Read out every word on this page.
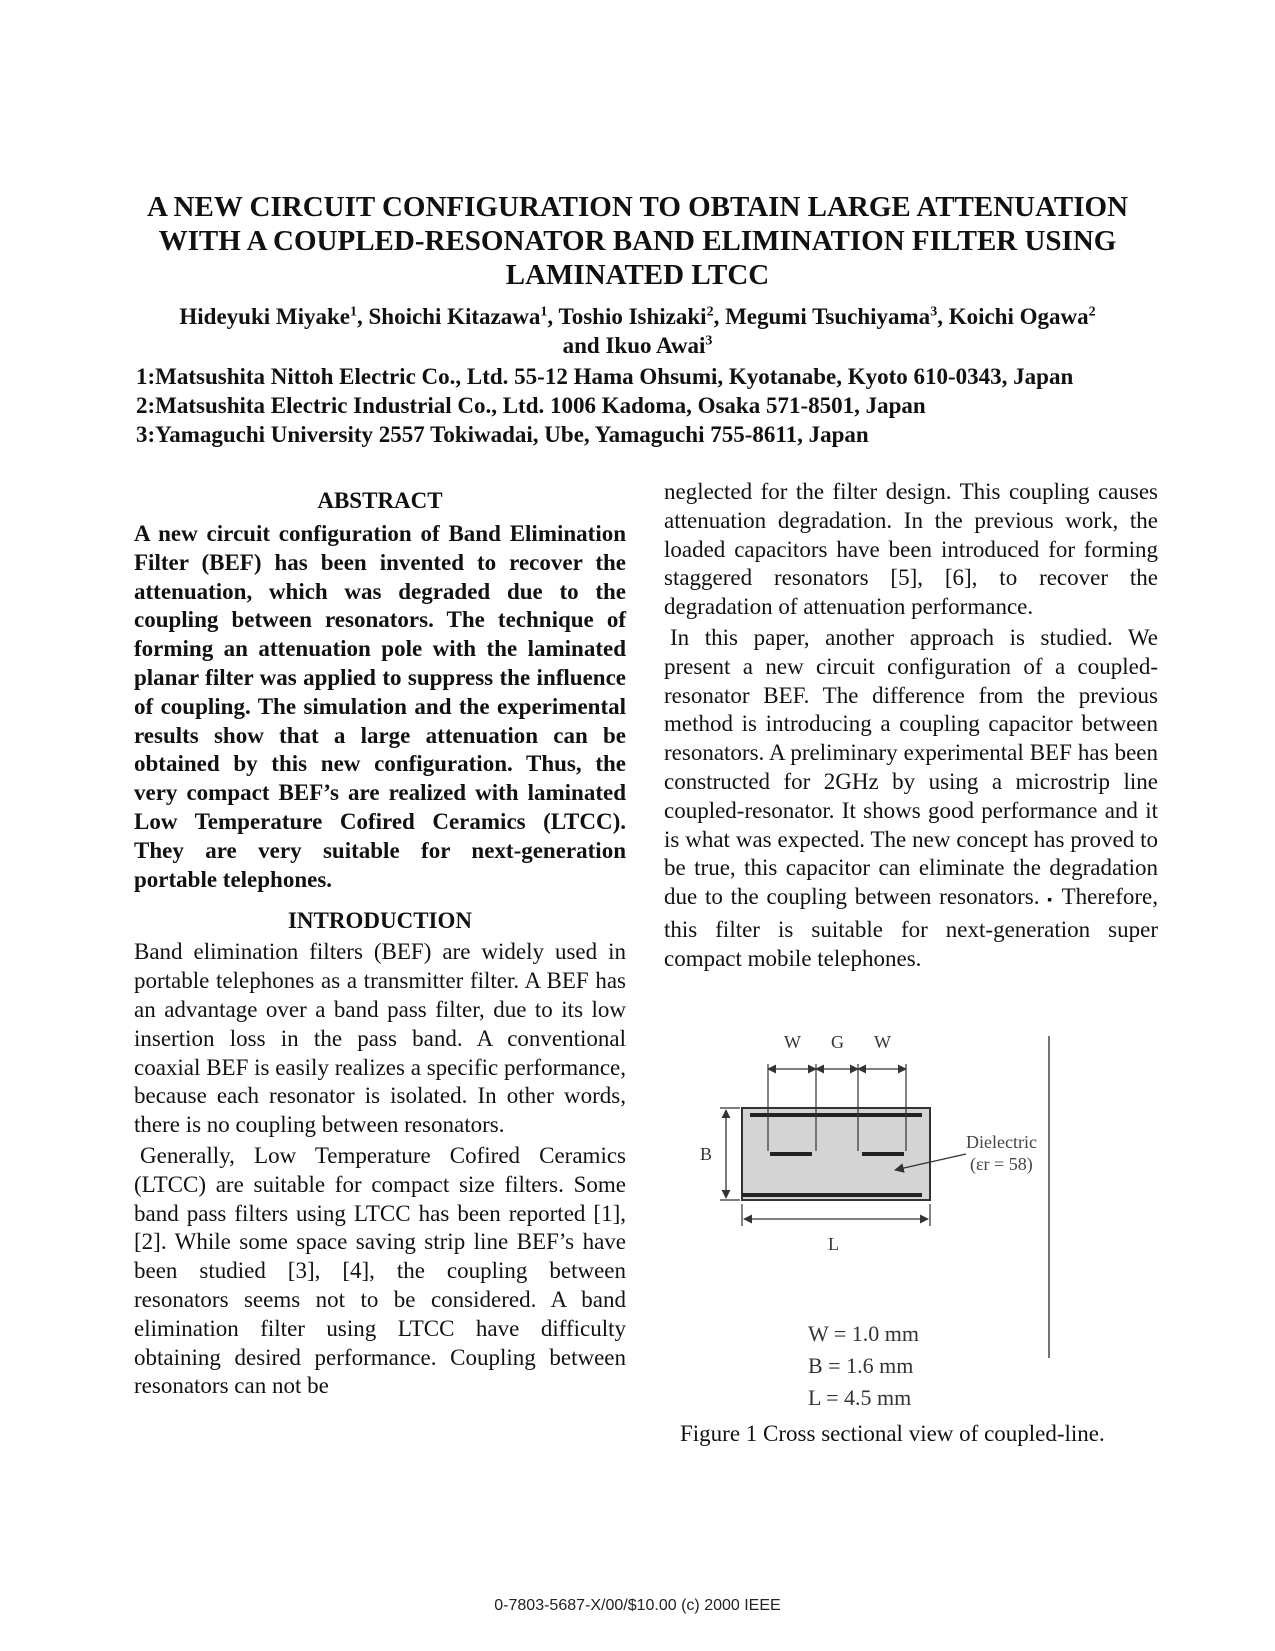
A NEW CIRCUIT CONFIGURATION TO OBTAIN LARGE ATTENUATION
WITH A COUPLED-RESONATOR BAND ELIMINATION FILTER USING
LAMINATED LTCC
Hideyuki Miyake$^1$, Shoichi Kitazawa$^1$, Toshio Ishizaki$^2$, Megumi Tsuchiyama$^3$, Koichi Ogawa$^2$
and Ikuo Awai$^3$
1:Matsushita Nittoh Electric Co., Ltd. 55-12 Hama Ohsumi, Kyotanabe, Kyoto 610-0343, Japan
2:Matsushita Electric Industrial Co., Ltd. 1006 Kadoma, Osaka 571-8501, Japan
3:Yamaguchi University 2557 Tokiwadai, Ube, Yamaguchi 755-8611, Japan
ABSTRACT

A new circuit configuration of Band Elimination Filter (BEF) has been invented to recover the attenuation, which was degraded due to the coupling between resonators. The technique of forming an attenuation pole with the laminated planar filter was applied to suppress the influence of coupling. The simulation and the experimental results show that a large attenuation can be obtained by this new configuration. Thus, the very compact BEF’s are realized with laminated Low Temperature Cofired Ceramics (LTCC). They are very suitable for next-generation portable telephones.

INTRODUCTION

Band elimination filters (BEF) are widely used in portable telephones as a transmitter filter. A BEF has an advantage over a band pass filter, due to its low insertion loss in the pass band. A conventional coaxial BEF is easily realizes a specific performance, because each resonator is isolated. In other words, there is no coupling between resonators.

Generally, Low Temperature Cofired Ceramics (LTCC) are suitable for compact size filters. Some band pass filters using LTCC has been reported [1], [2]. While some space saving strip line BEF’s have been studied [3], [4], the coupling between resonators seems not to be considered. A band elimination filter using LTCC have difficulty obtaining desired performance. Coupling between resonators can not be

neglected for the filter design. This coupling causes attenuation degradation. In the previous work, the loaded capacitors have been introduced for forming staggered resonators [5], [6], to recover the degradation of attenuation performance.

In this paper, another approach is studied. We present a new circuit configuration of a coupled-resonator BEF. The difference from the previous method is introducing a coupling capacitor between resonators. A preliminary experimental BEF has been constructed for 2GHz by using a microstrip line coupled-resonator. It shows good performance and it is what was expected. The new concept has proved to be true, this capacitor can eliminate the degradation due to the coupling between resonators. ▪ Therefore, this filter is suitable for next-generation super compact mobile telephones.

B
L
Dielectric
(εr = 58)
W G W
W = 1.0 mm
B = 1.6 mm
L = 4.5 mm
Figure 1 Cross sectional view of coupled-line.
0-7803-5687-X/00/$10.00 (c) 2000 IEEE
